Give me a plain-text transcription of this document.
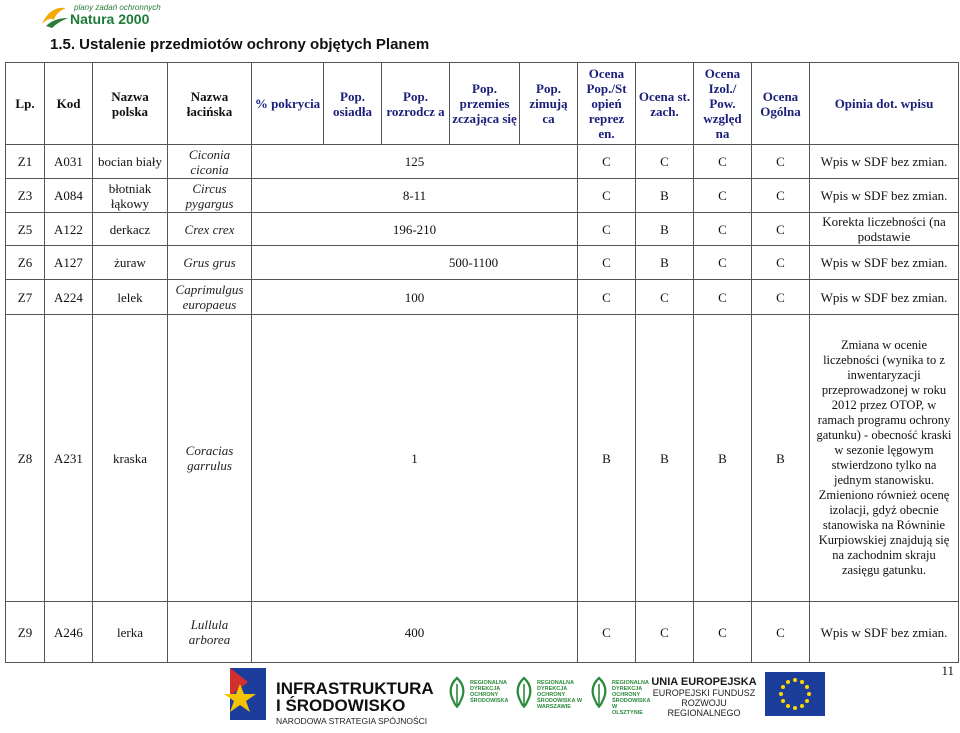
plany zadań ochronnych
Natura 2000
1.5. Ustalenie przedmiotów ochrony objętych Planem
Lp.	Kod	Nazwa polska	Nazwa łacińska	% pokrycia	Pop. osiadła	Pop. rozrodcz a	Pop. przemies zczająca się	Pop. zimują ca	Ocena Pop./St opień reprez en.	Ocena st. zach.	Ocena Izol./ Pow. względ na	Ocena Ogólna	Opinia dot. wpisu
Z1	A031	bocian biały	Ciconia ciconia	125					C	C	C	C	Wpis w SDF bez zmian.
Z3	A084	błotniak łąkowy	Circus pygargus	8-11					C	B	C	C	Wpis w SDF bez zmian.
Z5	A122	derkacz	Crex crex	196-210					C	B	C	C	Korekta liczebności (na podstawie
Z6	A127	żuraw	Grus grus	500-1100					C	B	C	C	Wpis w SDF bez zmian.
Z7	A224	lelek	Caprimulgus europaeus	100					C	C	C	C	Wpis w SDF bez zmian.
Z8	A231	kraska	Coracias garrulus	1					B	B	B	B	Zmiana w ocenie liczebności (wynika to z inwentaryzacji przeprowadzonej w roku 2012 przez OTOP, w ramach programu ochrony gatunku) - obecność kraski w sezonie lęgowym stwierdzono tylko na jednym stanowisku. Zmieniono również ocenę izolacji, gdyż obecnie stanowiska na Równinie Kurpiowskiej znajdują się na zachodnim skraju zasięgu gatunku.
Z9	A246	lerka	Lullula arborea	400					C	C	C	C	Wpis w SDF bez zmian.
11
INFRASTRUKTURA
I ŚRODOWISKO
NARODOWA STRATEGIA SPÓJNOŚCI
REGIONALNA DYREKCJA OCHRONY ŚRODOWISKA
REGIONALNA DYREKCJA OCHRONY ŚRODOWISKA W WARSZAWIE
REGIONALNA DYREKCJA OCHRONY ŚRODOWISKA W OLSZTYNIE
UNIA EUROPEJSKA
EUROPEJSKI FUNDUSZ
ROZWOJU REGIONALNEGO
